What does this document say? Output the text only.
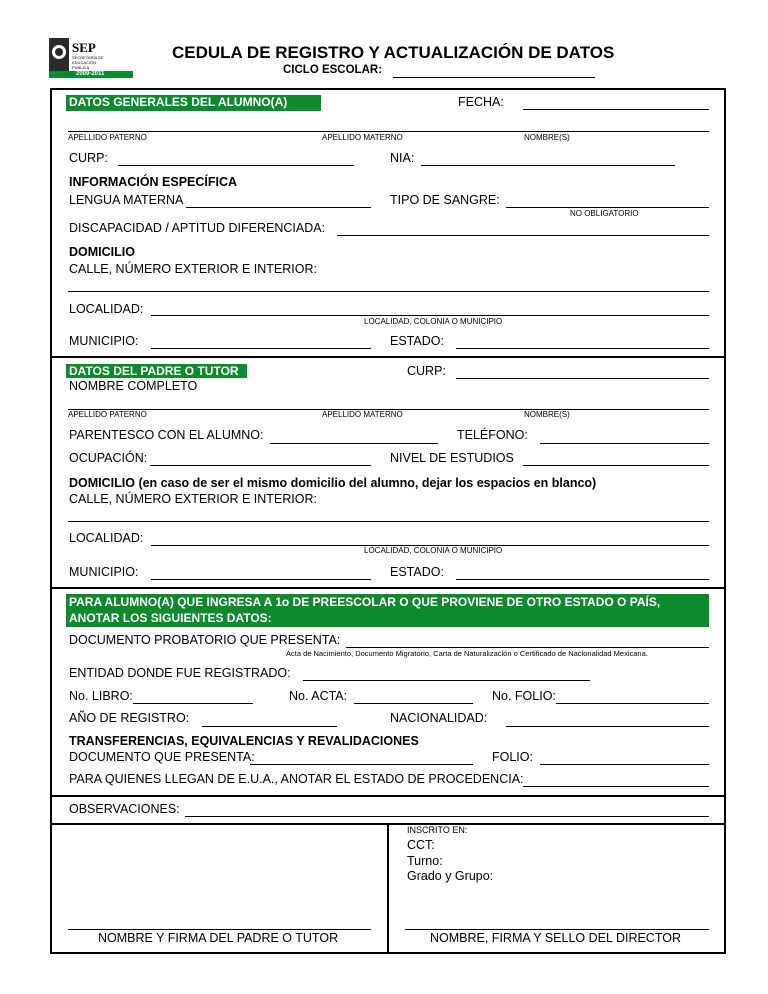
SEP
SECRETARÍA DE EDUCACIÓN PÚBLICA
2009-2011
CEDULA DE REGISTRO Y ACTUALIZACIÓN DE DATOS
CICLO ESCOLAR:
DATOS GENERALES DEL ALUMNO(A)	FECHA:
APELLIDO PATERNO	APELLIDO MATERNO	NOMBRE(S)
CURP:	NIA:
INFORMACIÓN ESPECÍFICA
LENGUA MATERNA	TIPO DE SANGRE:
NO OBLIGATORIO
DISCAPACIDAD / APTITUD DIFERENCIADA:
DOMICILIO
CALLE, NÚMERO EXTERIOR E INTERIOR:
LOCALIDAD:
LOCALIDAD, COLONIA O MUNICIPIO
MUNICIPIO:	ESTADO:
DATOS DEL PADRE O TUTOR	CURP:
NOMBRE COMPLETO
APELLIDO PATERNO	APELLIDO MATERNO	NOMBRE(S)
PARENTESCO CON EL ALUMNO:	TELÉFONO:
OCUPACIÓN:	NIVEL DE ESTUDIOS
DOMICILIO (en caso de ser el mismo domicilio del alumno, dejar los espacios en blanco)
CALLE, NÚMERO EXTERIOR E INTERIOR:
LOCALIDAD:
LOCALIDAD, COLONIA O MUNICIPIO
MUNICIPIO:	ESTADO:
PARA ALUMNO(A) QUE INGRESA A 1o DE PREESCOLAR O QUE PROVIENE DE OTRO ESTADO O PAÍS,
ANOTAR LOS SIGUIENTES DATOS:
DOCUMENTO PROBATORIO QUE PRESENTA:
Acta de Nacimiento, Documento Migratorio, Carta de Naturalización o Certificado de Nacionalidad Mexicana.
ENTIDAD DONDE FUE REGISTRADO:
No. LIBRO:	No. ACTA:	No. FOLIO:
AÑO DE REGISTRO:	NACIONALIDAD:
TRANSFERENCIAS, EQUIVALENCIAS Y REVALIDACIONES
DOCUMENTO QUE PRESENTA:	FOLIO:
PARA QUIENES LLEGAN DE E.U.A., ANOTAR EL ESTADO DE PROCEDENCIA:
OBSERVACIONES:
INSCRITO EN:
CCT:
Turno:
Grado y Grupo:
NOMBRE Y FIRMA DEL PADRE O TUTOR	NOMBRE, FIRMA Y SELLO DEL DIRECTOR
